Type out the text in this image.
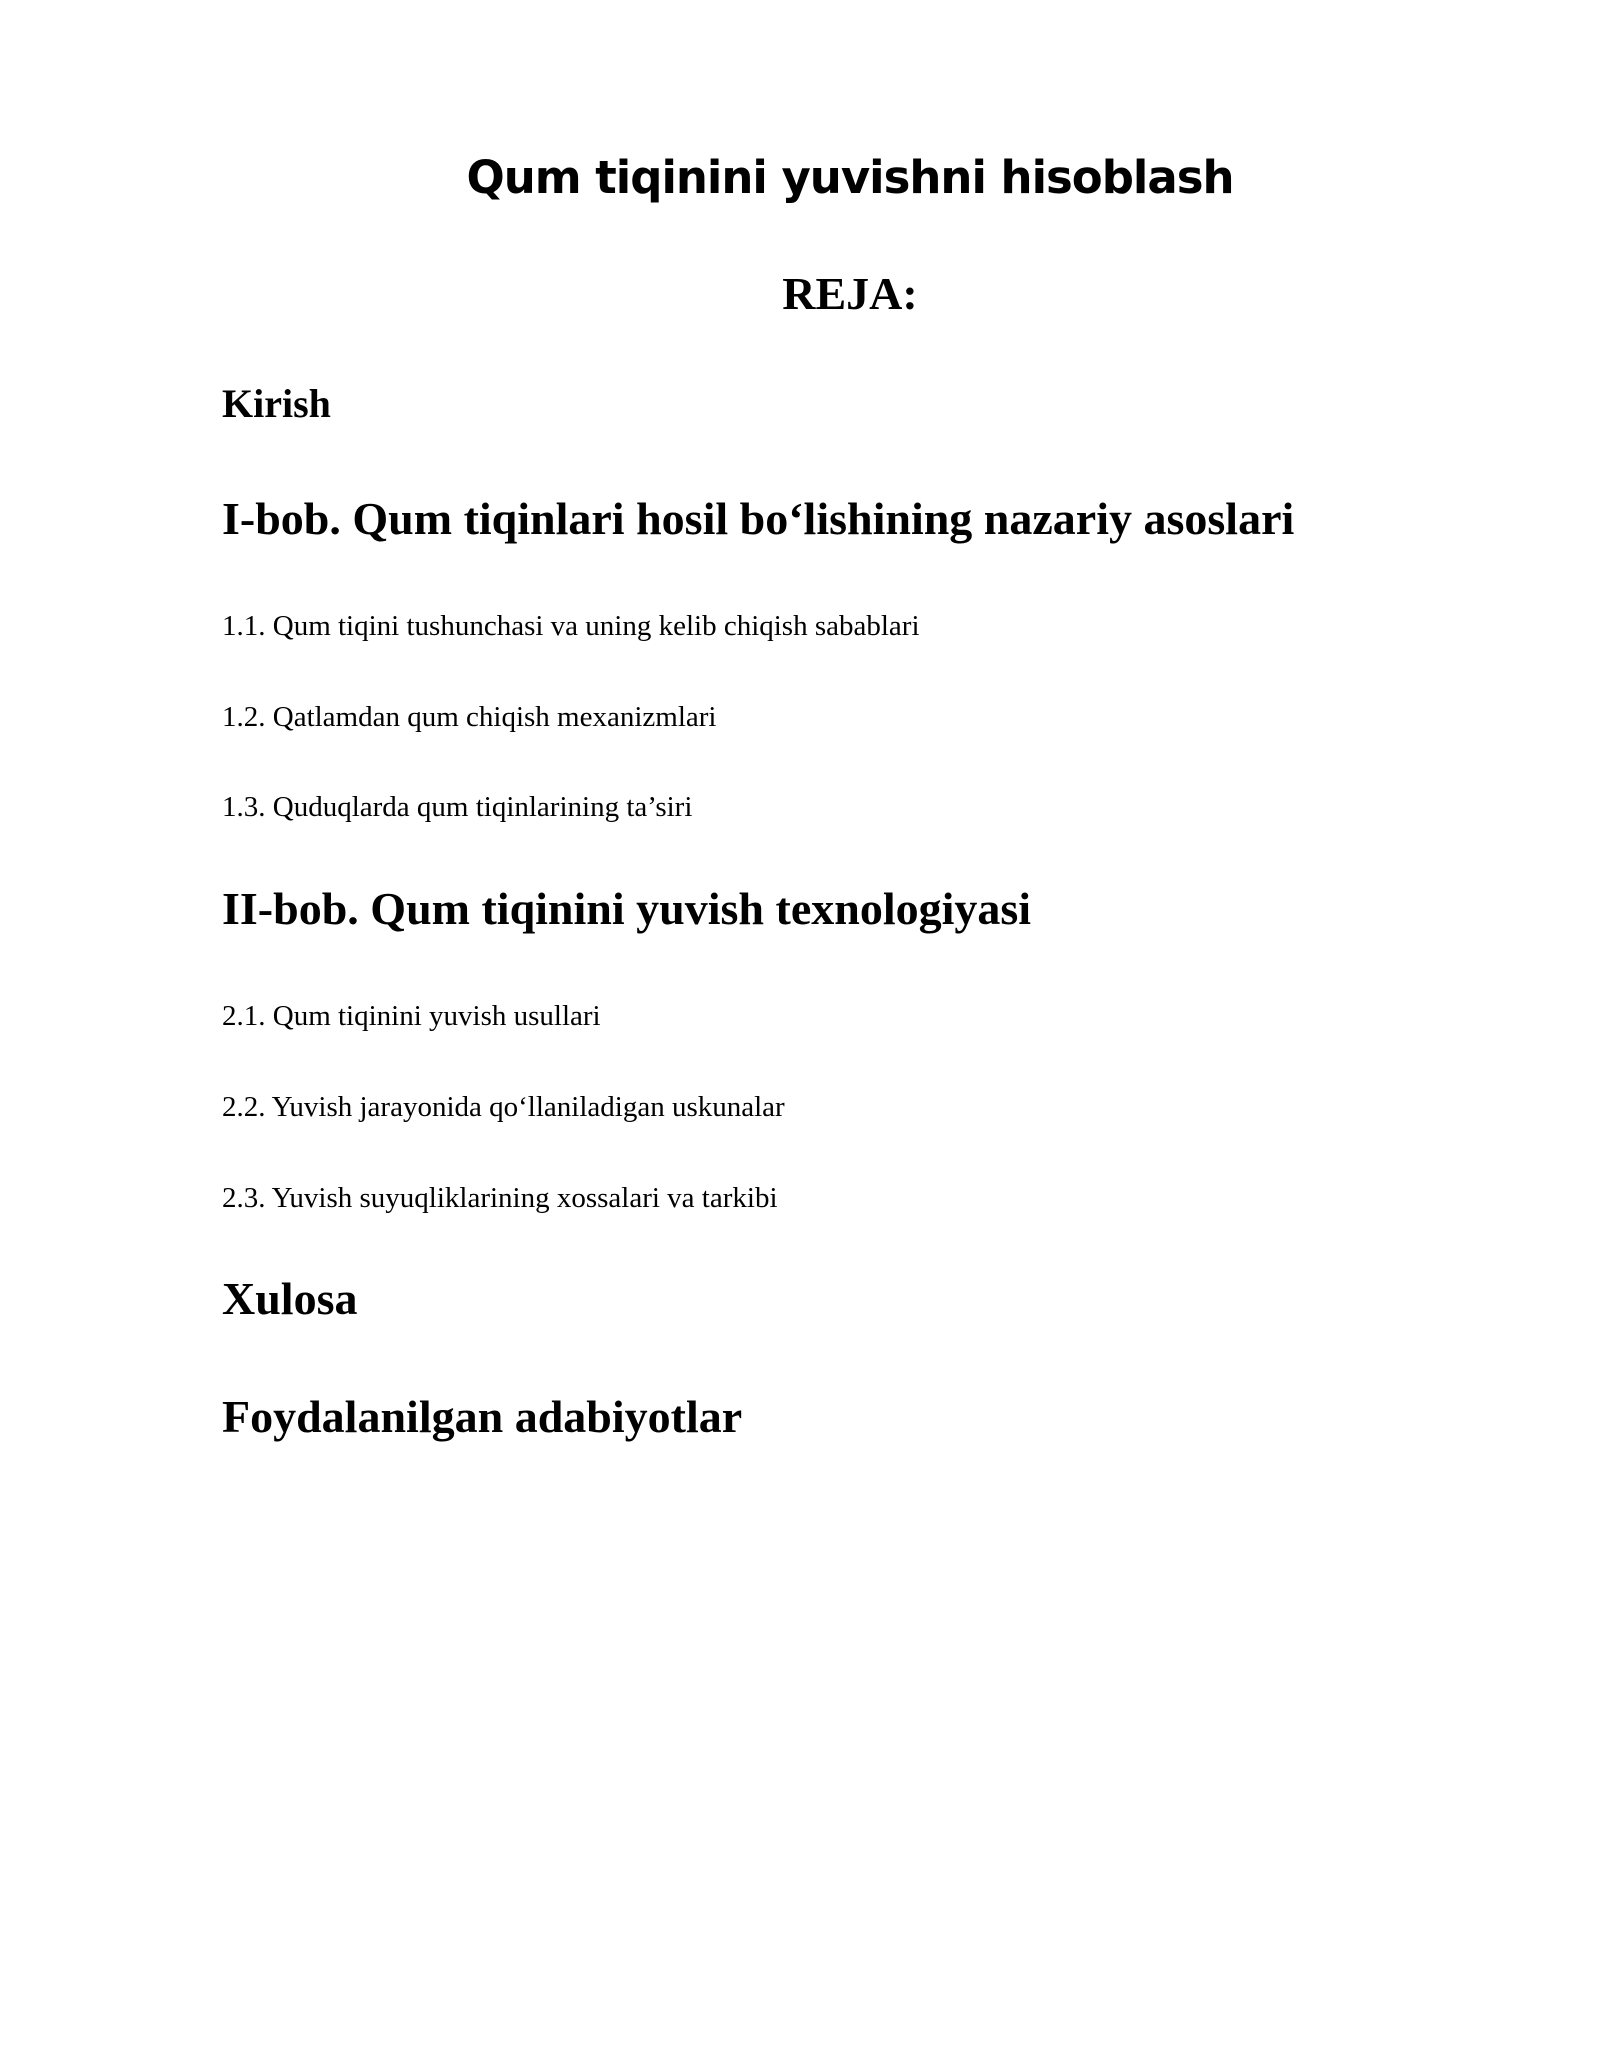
Qum tiqinini yuvishni hisoblash
REJA:
Kirish
I-bob. Qum tiqinlari hosil bo‘lishining nazariy asoslari
1.1. Qum tiqini tushunchasi va uning kelib chiqish sabablari
1.2. Qatlamdan qum chiqish mexanizmlari
1.3. Quduqlarda qum tiqinlarining ta’siri
II-bob. Qum tiqinini yuvish texnologiyasi
2.1. Qum tiqinini yuvish usullari
2.2. Yuvish jarayonida qo‘llaniladigan uskunalar
2.3. Yuvish suyuqliklarining xossalari va tarkibi
Xulosa
Foydalanilgan adabiyotlar
